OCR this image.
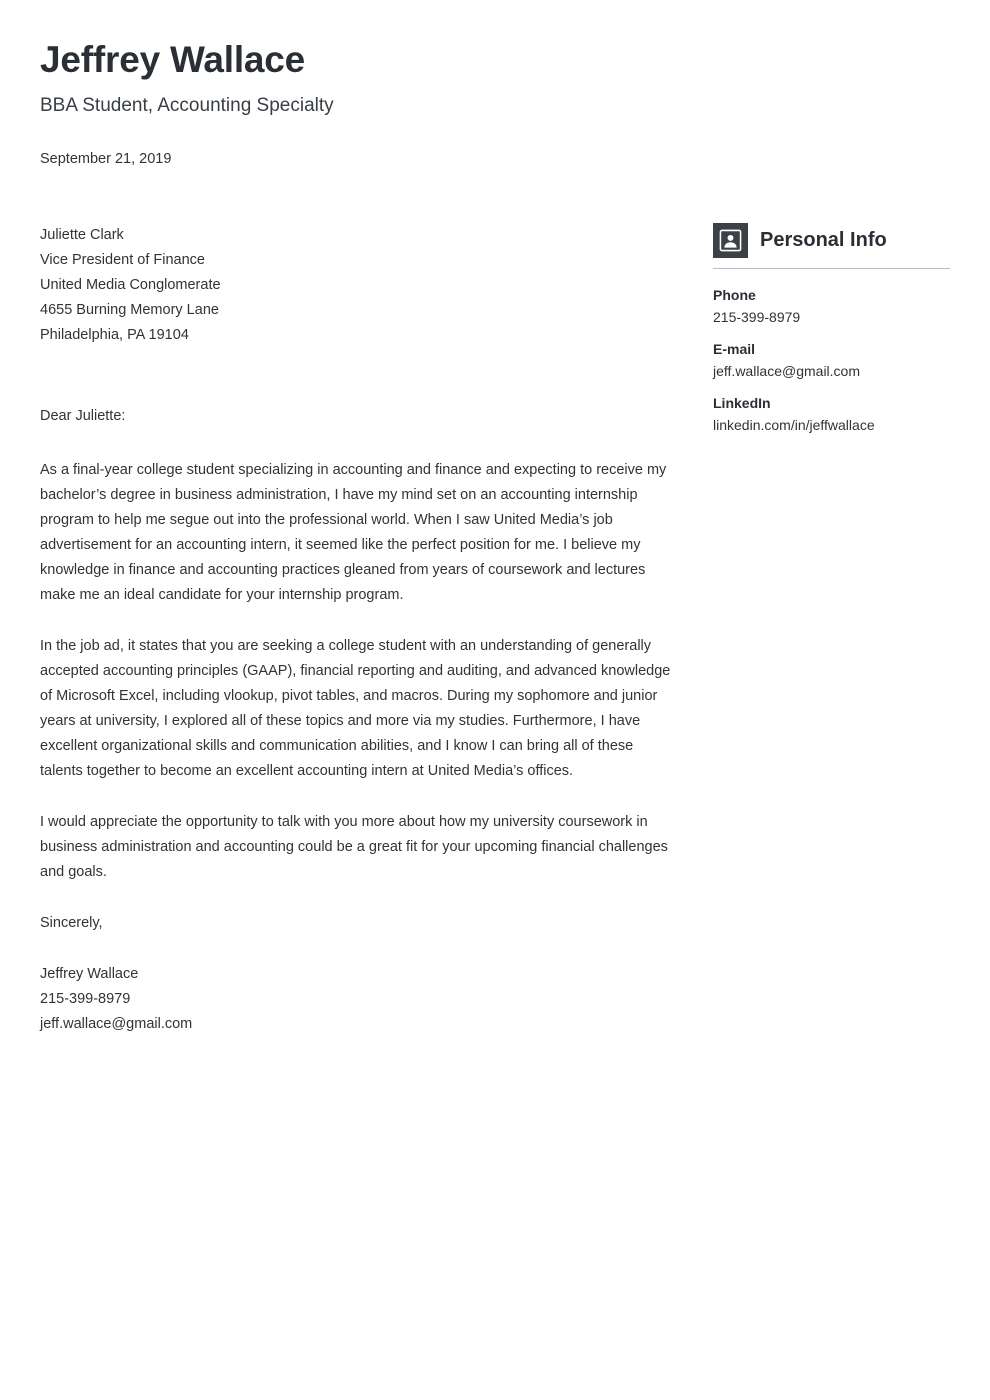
Jeffrey Wallace
BBA Student, Accounting Specialty
September 21, 2019
Juliette Clark
Vice President of Finance
United Media Conglomerate
4655 Burning Memory Lane
Philadelphia, PA 19104
Dear Juliette:

As a final-year college student specializing in accounting and finance and expecting to receive my bachelor’s degree in business administration, I have my mind set on an accounting internship program to help me segue out into the professional world. When I saw United Media’s job advertisement for an accounting intern, it seemed like the perfect position for me. I believe my knowledge in finance and accounting practices gleaned from years of coursework and lectures make me an ideal candidate for your internship program.

In the job ad, it states that you are seeking a college student with an understanding of generally accepted accounting principles (GAAP), financial reporting and auditing, and advanced knowledge of Microsoft Excel, including vlookup, pivot tables, and macros. During my sophomore and junior years at university, I explored all of these topics and more via my studies. Furthermore, I have excellent organizational skills and communication abilities, and I know I can bring all of these talents together to become an excellent accounting intern at United Media’s offices.

I would appreciate the opportunity to talk with you more about how my university coursework in business administration and accounting could be a great fit for your upcoming financial challenges and goals.

Sincerely,
Jeffrey Wallace
215-399-8979
jeff.wallace@gmail.com
Personal Info
Phone
215-399-8979
E-mail
jeff.wallace@gmail.com
LinkedIn
linkedin.com/in/jeffwallace
